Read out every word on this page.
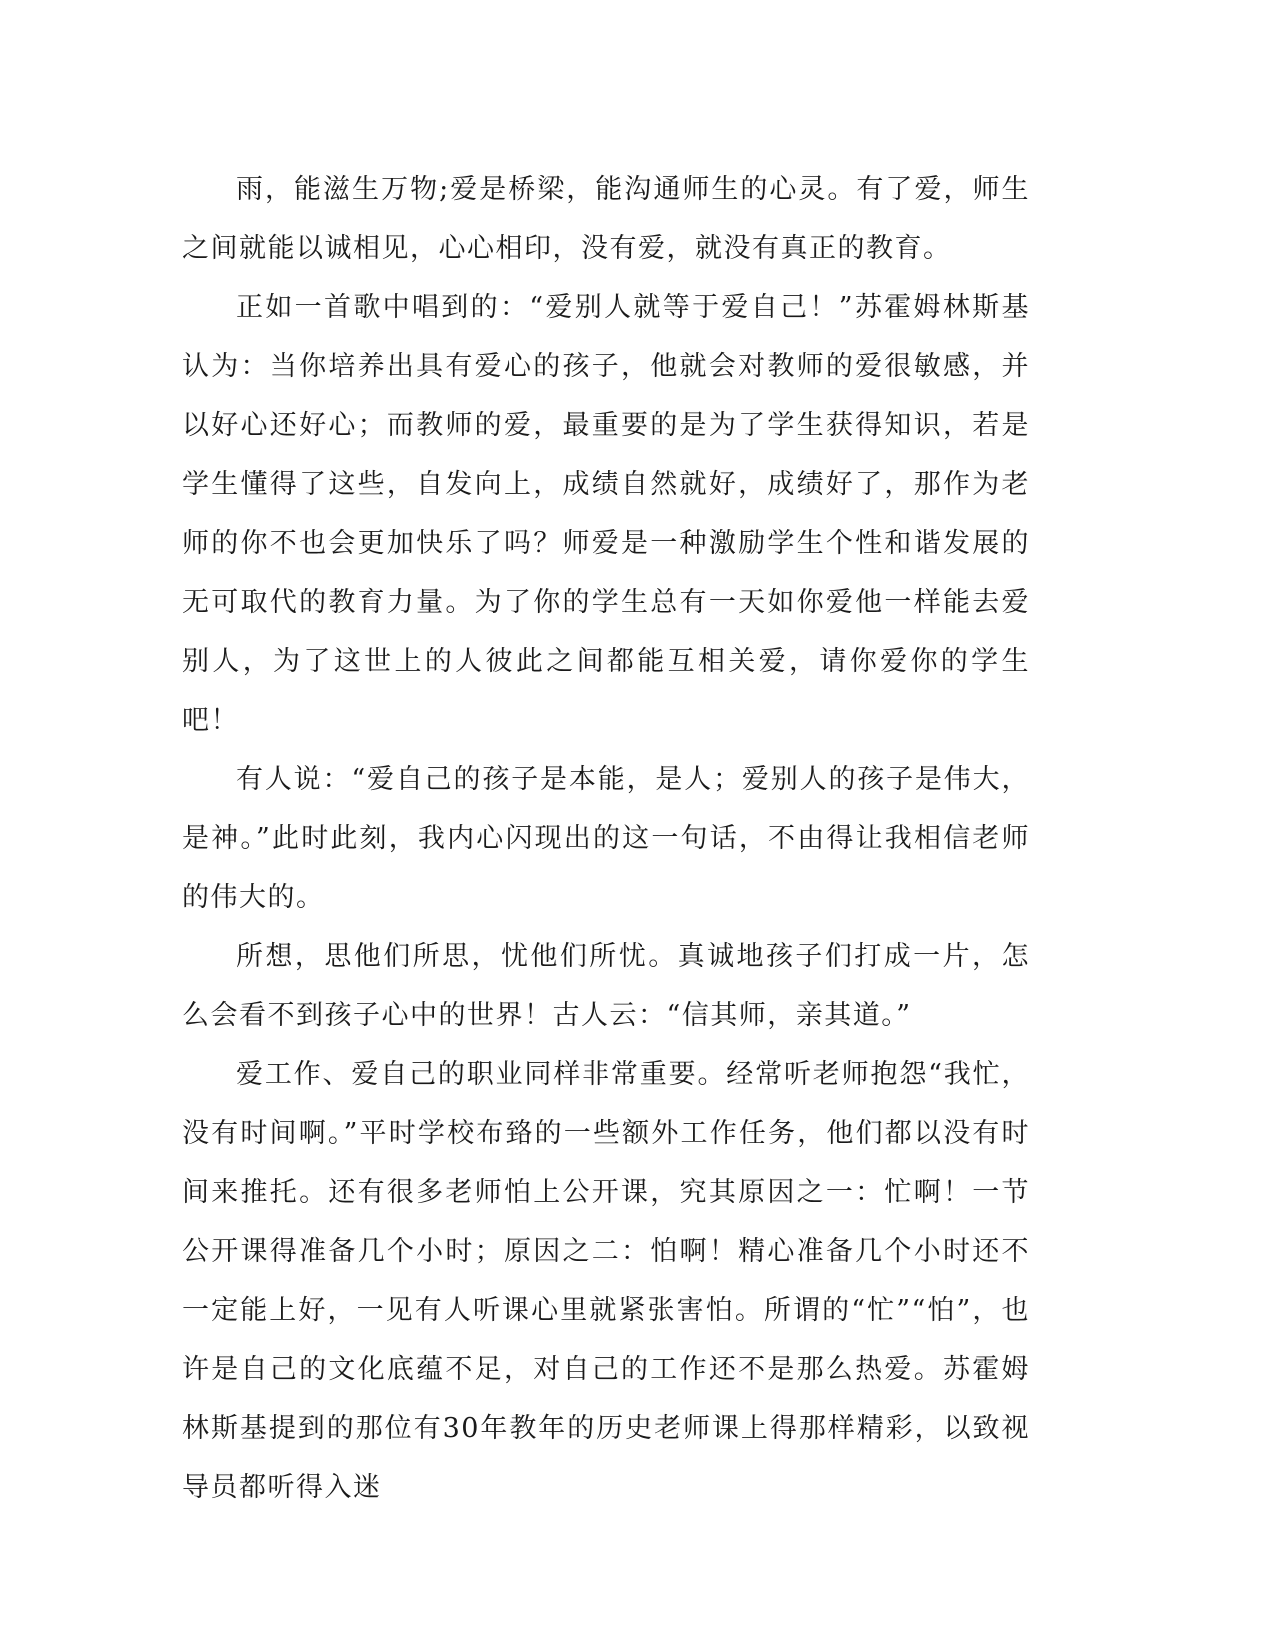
雨，能滋生万物;爱是桥梁，能沟通师生的心灵。有了爱，师生之间就能以诚相见，心心相印，没有爱，就没有真正的教育。

正如一首歌中唱到的：“爱别人就等于爱自己！”苏霍姆林斯基认为：当你培养出具有爱心的孩子，他就会对教师的爱很敏感，并以好心还好心；而教师的爱，最重要的是为了学生获得知识，若是学生懂得了这些，自发向上，成绩自然就好，成绩好了，那作为老师的你不也会更加快乐了吗？师爱是一种激励学生个性和谐发展的无可取代的教育力量。为了你的学生总有一天如你爱他一样能去爱别人，为了这世上的人彼此之间都能互相关爱，请你爱你的学生吧！

有人说：“爱自己的孩子是本能，是人；爱别人的孩子是伟大，是神。”此时此刻，我内心闪现出的这一句话，不由得让我相信老师的伟大的。

所想，思他们所思，忧他们所忧。真诚地孩子们打成一片，怎么会看不到孩子心中的世界！古人云：“信其师，亲其道。”

爱工作、爱自己的职业同样非常重要。经常听老师抱怨“我忙，没有时间啊。”平时学校布臵的一些额外工作任务，他们都以没有时间来推托。还有很多老师怕上公开课，究其原因之一：忙啊！一节公开课得准备几个小时；原因之二：怕啊！精心准备几个小时还不一定能上好，一见有人听课心里就紧张害怕。所谓的“忙”“怕”，也许是自己的文化底蕴不足，对自己的工作还不是那么热爱。苏霍姆林斯基提到的那位有30年教年的历史老师课上得那样精彩，以致视导员都听得入迷
